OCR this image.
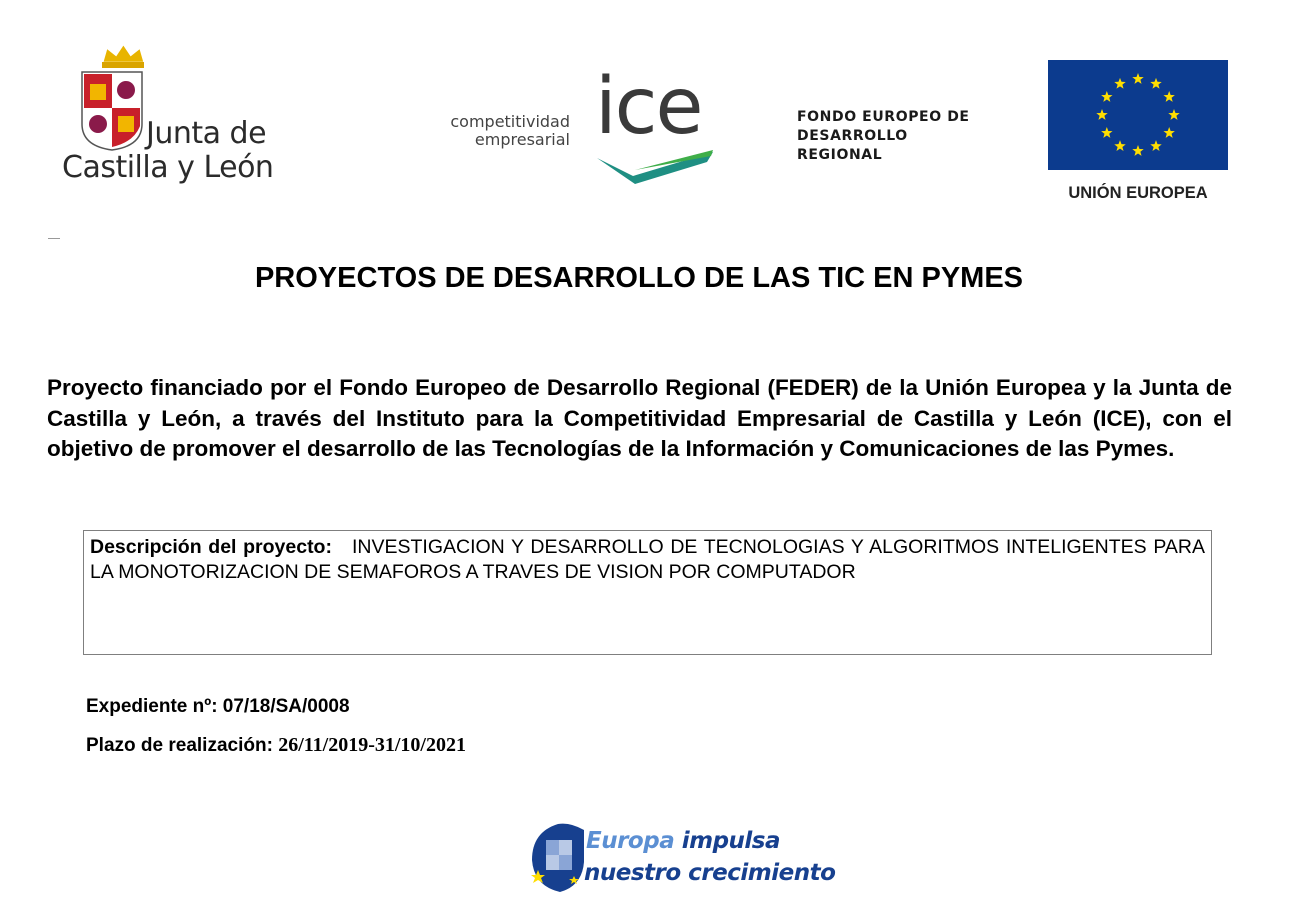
Junta de
Castilla y León
competitividad
empresarial ice	FONDO EUROPEO DE
DESARROLLO
REGIONAL
UNIÓN EUROPEA
PROYECTOS DE DESARROLLO DE LAS TIC EN PYMES
Proyecto financiado por el Fondo Europeo de Desarrollo Regional (FEDER) de la Unión Europea y la Junta de Castilla y León, a través del Instituto para la Competitividad Empresarial de Castilla y León (ICE), con el objetivo de promover el desarrollo de las Tecnologías de la Información y Comunicaciones de las Pymes.
Descripción del proyecto: INVESTIGACION Y DESARROLLO DE TECNOLOGIAS Y ALGORITMOS INTELIGENTES PARA LA MONOTORIZACION DE SEMAFOROS A TRAVES DE VISION POR COMPUTADOR
Expediente nº: 07/18/SA/0008
Plazo de realización: 26/11/2019-31/10/2021
Europa impulsa
nuestro crecimiento
